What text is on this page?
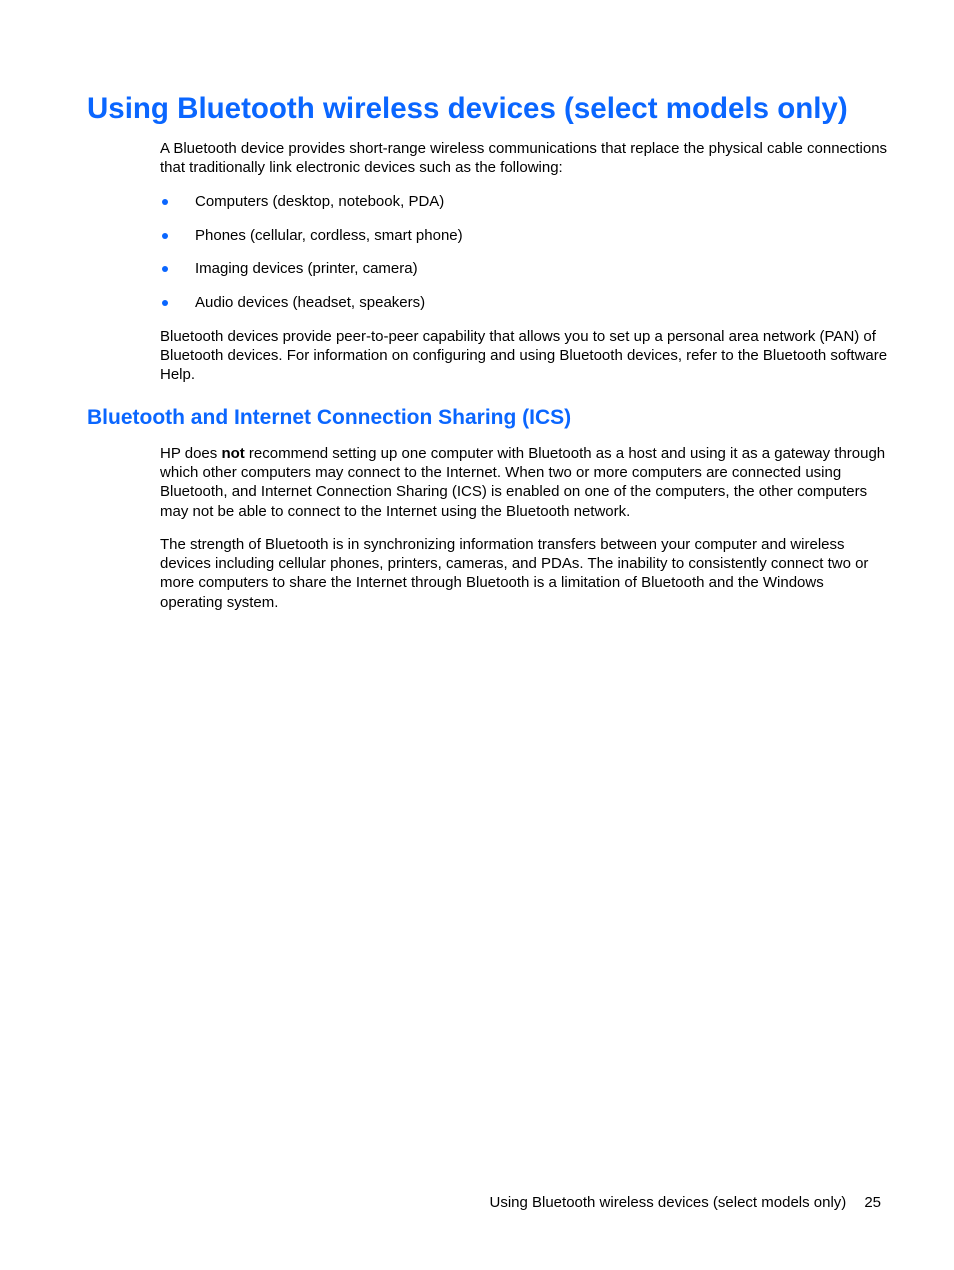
Using Bluetooth wireless devices (select models only)

A Bluetooth device provides short-range wireless communications that replace the physical cable connections that traditionally link electronic devices such as the following:

Computers (desktop, notebook, PDA)
Phones (cellular, cordless, smart phone)
Imaging devices (printer, camera)
Audio devices (headset, speakers)

Bluetooth devices provide peer-to-peer capability that allows you to set up a personal area network (PAN) of Bluetooth devices. For information on configuring and using Bluetooth devices, refer to the Bluetooth software Help.

Bluetooth and Internet Connection Sharing (ICS)

HP does not recommend setting up one computer with Bluetooth as a host and using it as a gateway through which other computers may connect to the Internet. When two or more computers are connected using Bluetooth, and Internet Connection Sharing (ICS) is enabled on one of the computers, the other computers may not be able to connect to the Internet using the Bluetooth network.

The strength of Bluetooth is in synchronizing information transfers between your computer and wireless devices including cellular phones, printers, cameras, and PDAs. The inability to consistently connect two or more computers to share the Internet through Bluetooth is a limitation of Bluetooth and the Windows operating system.

Using Bluetooth wireless devices (select models only) 25
